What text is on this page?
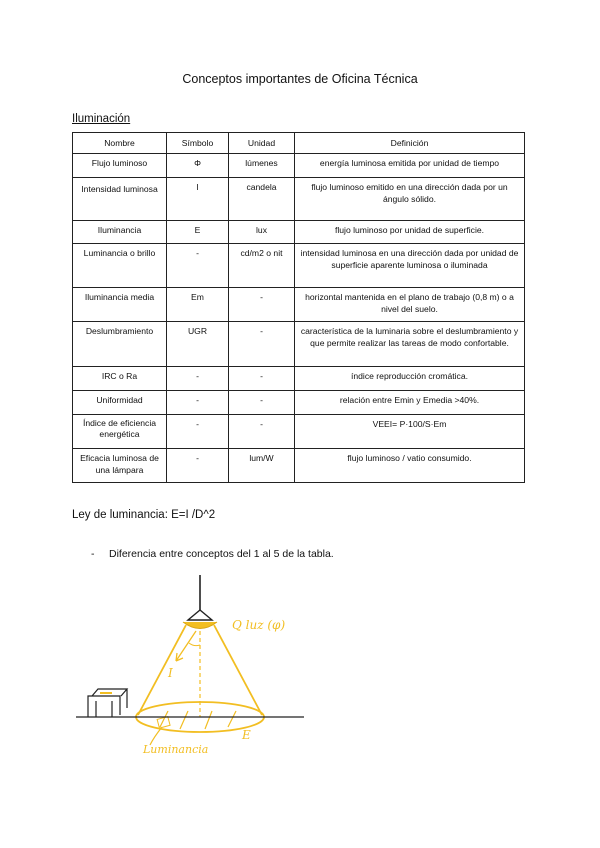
Conceptos importantes de Oficina Técnica
Iluminación
Nombre	Símbolo	Unidad	Definición
Flujo luminoso	Φ	lúmenes	energía luminosa emitida por unidad de tiempo
Intensidad luminosa	I	candela	flujo luminoso emitido en una dirección dada por un ángulo sólido.
Iluminancia	E	lux	flujo luminoso por unidad de superficie.
Luminancia o brillo	-	cd/m2 o nit	intensidad luminosa en una dirección dada por unidad de superficie aparente luminosa o iluminada
Iluminancia media	Em	-	horizontal mantenida en el plano de trabajo (0,8 m) o a nivel del suelo.
Deslumbramiento	UGR	-	característica de la luminaria sobre el deslumbramiento y que permite realizar las tareas de modo confortable.
IRC o Ra	-	-	índice reproducción cromática.
Uniformidad	-	-	relación entre Emin y Emedia >40%.
Índice de eficiencia energética	-	-	VEEI= P·100/S·Em
Eficacia luminosa de una lámpara	-	lum/W	flujo luminoso / vatio consumido.
Ley de luminancia: E=I /D^2
- Diferencia entre conceptos del 1 al 5 de la tabla.
Q luz (φ)
I
E
Luminancia
